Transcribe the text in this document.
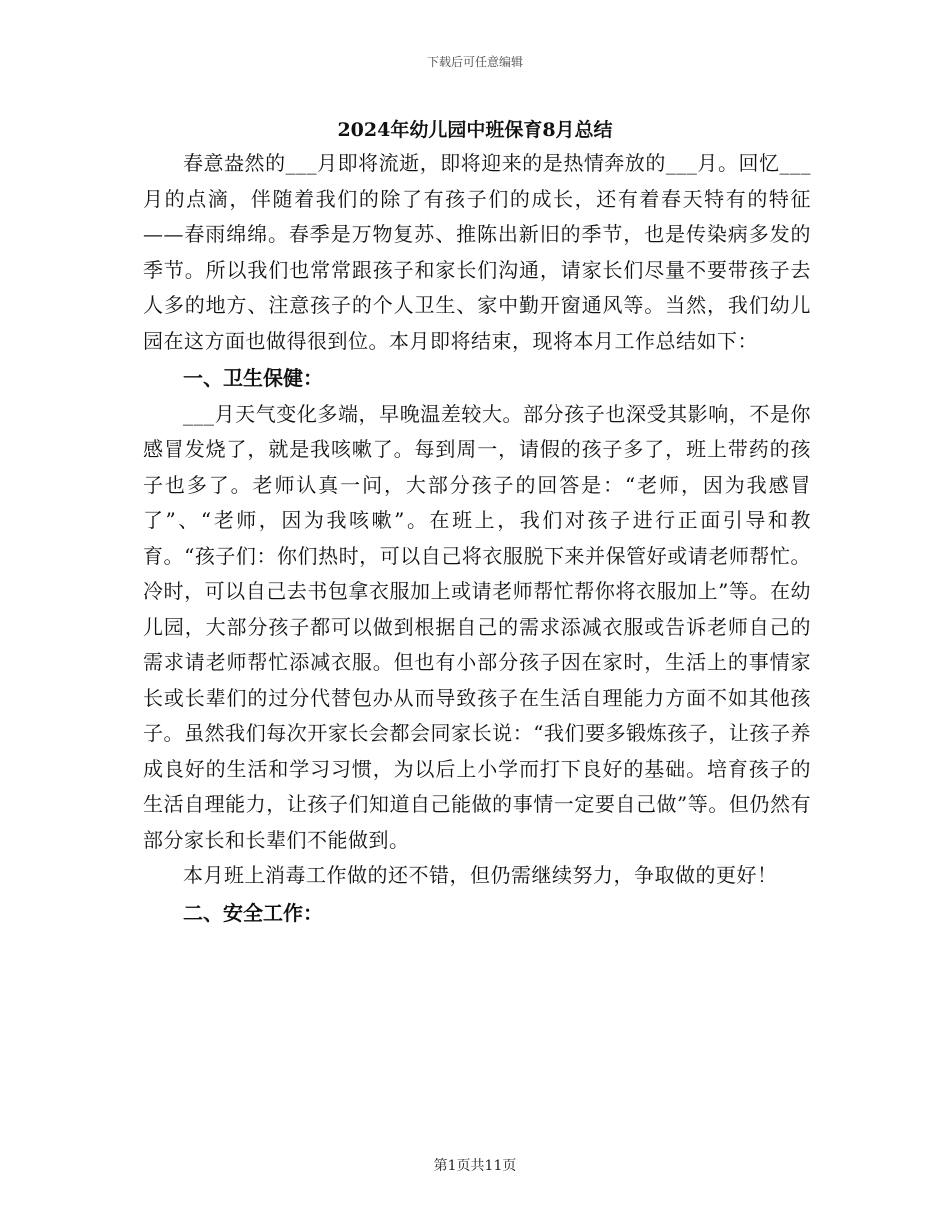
下载后可任意编辑
2024年幼儿园中班保育8月总结

春意盎然的___月即将流逝，即将迎来的是热情奔放的___月。回忆___月的点滴，伴随着我们的除了有孩子们的成长，还有着春天特有的特征——春雨绵绵。春季是万物复苏、推陈出新旧的季节，也是传染病多发的季节。所以我们也常常跟孩子和家长们沟通，请家长们尽量不要带孩子去人多的地方、注意孩子的个人卫生、家中勤开窗通风等。当然，我们幼儿园在这方面也做得很到位。本月即将结束，现将本月工作总结如下：

一、卫生保健：

___月天气变化多端，早晚温差较大。部分孩子也深受其影响，不是你感冒发烧了，就是我咳嗽了。每到周一，请假的孩子多了，班上带药的孩子也多了。老师认真一问，大部分孩子的回答是：“老师，因为我感冒了”、“老师，因为我咳嗽”。在班上，我们对孩子进行正面引导和教育。“孩子们：你们热时，可以自己将衣服脱下来并保管好或请老师帮忙。冷时，可以自己去书包拿衣服加上或请老师帮忙帮你将衣服加上”等。在幼儿园，大部分孩子都可以做到根据自己的需求添减衣服或告诉老师自己的需求请老师帮忙添减衣服。但也有小部分孩子因在家时，生活上的事情家长或长辈们的过分代替包办从而导致孩子在生活自理能力方面不如其他孩子。虽然我们每次开家长会都会同家长说：“我们要多锻炼孩子，让孩子养成良好的生活和学习习惯，为以后上小学而打下良好的基础。培育孩子的生活自理能力，让孩子们知道自己能做的事情一定要自己做”等。但仍然有部分家长和长辈们不能做到。

本月班上消毒工作做的还不错，但仍需继续努力，争取做的更好！

二、安全工作：

第1页共11页
